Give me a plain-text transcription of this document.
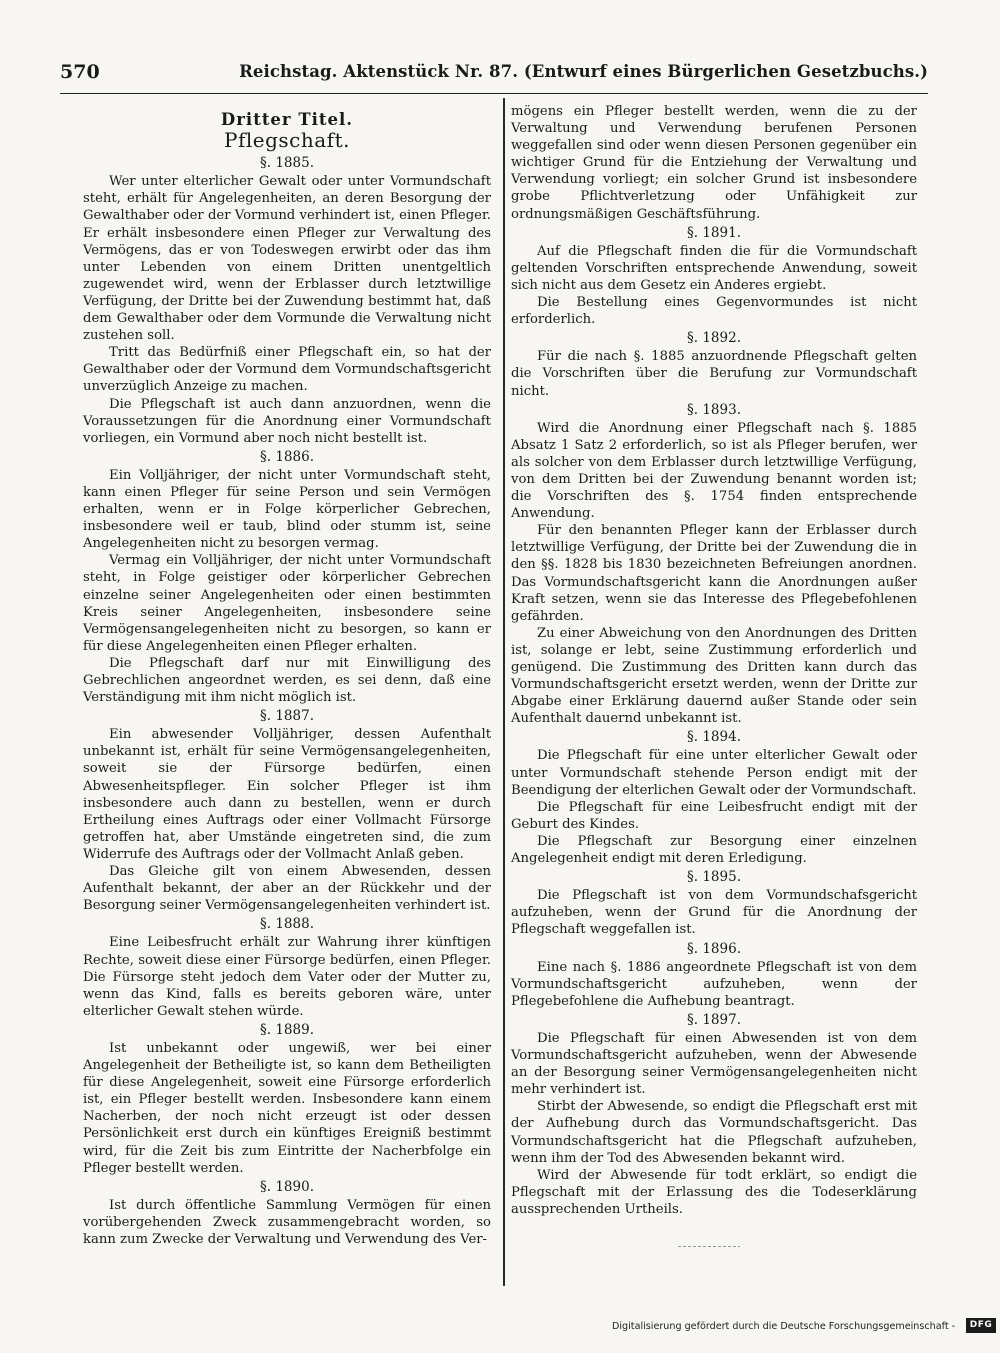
570	Reichstag. Aktenstück Nr. 87. (Entwurf eines Bürgerlichen Gesetzbuchs.)
Dritter Titel.
Pflegschaft.
§. 1885.

Wer unter elterlicher Gewalt oder unter Vormundschaft steht, erhält für Angelegenheiten, an deren Besorgung der Gewalthaber oder der Vormund verhindert ist, einen Pfleger. Er erhält insbesondere einen Pfleger zur Verwaltung des Vermögens, das er von Todeswegen erwirbt oder das ihm unter Lebenden von einem Dritten unentgeltlich zugewendet wird, wenn der Erblasser durch letztwillige Verfügung, der Dritte bei der Zuwendung bestimmt hat, daß dem Gewalthaber oder dem Vormunde die Verwaltung nicht zustehen soll.

Tritt das Bedürfniß einer Pflegschaft ein, so hat der Gewalthaber oder der Vormund dem Vormundschaftsgericht unverzüglich Anzeige zu machen.

Die Pflegschaft ist auch dann anzuordnen, wenn die Voraussetzungen für die Anordnung einer Vormundschaft vorliegen, ein Vormund aber noch nicht bestellt ist.

§. 1886.

Ein Volljähriger, der nicht unter Vormundschaft steht, kann einen Pfleger für seine Person und sein Vermögen erhalten, wenn er in Folge körperlicher Gebrechen, insbesondere weil er taub, blind oder stumm ist, seine Angelegenheiten nicht zu besorgen vermag.

Vermag ein Volljähriger, der nicht unter Vormundschaft steht, in Folge geistiger oder körperlicher Gebrechen einzelne seiner Angelegenheiten oder einen bestimmten Kreis seiner Angelegenheiten, insbesondere seine Vermögensangelegenheiten nicht zu besorgen, so kann er für diese Angelegenheiten einen Pfleger erhalten.

Die Pflegschaft darf nur mit Einwilligung des Gebrechlichen angeordnet werden, es sei denn, daß eine Verständigung mit ihm nicht möglich ist.

§. 1887.

Ein abwesender Volljähriger, dessen Aufenthalt unbekannt ist, erhält für seine Vermögensangelegenheiten, soweit sie der Fürsorge bedürfen, einen Abwesenheitspfleger. Ein solcher Pfleger ist ihm insbesondere auch dann zu bestellen, wenn er durch Ertheilung eines Auftrags oder einer Vollmacht Fürsorge getroffen hat, aber Umstände eingetreten sind, die zum Widerrufe des Auftrags oder der Vollmacht Anlaß geben.

Das Gleiche gilt von einem Abwesenden, dessen Aufenthalt bekannt, der aber an der Rückkehr und der Besorgung seiner Vermögensangelegenheiten verhindert ist.

§. 1888.

Eine Leibesfrucht erhält zur Wahrung ihrer künftigen Rechte, soweit diese einer Fürsorge bedürfen, einen Pfleger. Die Fürsorge steht jedoch dem Vater oder der Mutter zu, wenn das Kind, falls es bereits geboren wäre, unter elterlicher Gewalt stehen würde.

§. 1889.

Ist unbekannt oder ungewiß, wer bei einer Angelegenheit der Betheiligte ist, so kann dem Betheiligten für diese Angelegenheit, soweit eine Fürsorge erforderlich ist, ein Pfleger bestellt werden. Insbesondere kann einem Nacherben, der noch nicht erzeugt ist oder dessen Persönlichkeit erst durch ein künftiges Ereigniß bestimmt wird, für die Zeit bis zum Eintritte der Nacherbfolge ein Pfleger bestellt werden.

§. 1890.

Ist durch öffentliche Sammlung Vermögen für einen vorübergehenden Zweck zusammengebracht worden, so kann zum Zwecke der Verwaltung und Verwendung des Ver-

mögens ein Pfleger bestellt werden, wenn die zu der Verwaltung und Verwendung berufenen Personen weggefallen sind oder wenn diesen Personen gegenüber ein wichtiger Grund für die Entziehung der Verwaltung und Verwendung vorliegt; ein solcher Grund ist insbesondere grobe Pflichtverletzung oder Unfähigkeit zur ordnungsmäßigen Geschäftsführung.

§. 1891.

Auf die Pflegschaft finden die für die Vormundschaft geltenden Vorschriften entsprechende Anwendung, soweit sich nicht aus dem Gesetz ein Anderes ergiebt.

Die Bestellung eines Gegenvormundes ist nicht erforderlich.

§. 1892.

Für die nach §. 1885 anzuordnende Pflegschaft gelten die Vorschriften über die Berufung zur Vormundschaft nicht.

§. 1893.

Wird die Anordnung einer Pflegschaft nach §. 1885 Absatz 1 Satz 2 erforderlich, so ist als Pfleger berufen, wer als solcher von dem Erblasser durch letztwillige Verfügung, von dem Dritten bei der Zuwendung benannt worden ist; die Vorschriften des §. 1754 finden entsprechende Anwendung.

Für den benannten Pfleger kann der Erblasser durch letztwillige Verfügung, der Dritte bei der Zuwendung die in den §§. 1828 bis 1830 bezeichneten Befreiungen anordnen. Das Vormundschaftsgericht kann die Anordnungen außer Kraft setzen, wenn sie das Interesse des Pflegebefohlenen gefährden.

Zu einer Abweichung von den Anordnungen des Dritten ist, solange er lebt, seine Zustimmung erforderlich und genügend. Die Zustimmung des Dritten kann durch das Vormundschaftsgericht ersetzt werden, wenn der Dritte zur Abgabe einer Erklärung dauernd außer Stande oder sein Aufenthalt dauernd unbekannt ist.

§. 1894.

Die Pflegschaft für eine unter elterlicher Gewalt oder unter Vormundschaft stehende Person endigt mit der Beendigung der elterlichen Gewalt oder der Vormundschaft.

Die Pflegschaft für eine Leibesfrucht endigt mit der Geburt des Kindes.

Die Pflegschaft zur Besorgung einer einzelnen Angelegenheit endigt mit deren Erledigung.

§. 1895.

Die Pflegschaft ist von dem Vormundschafsgericht aufzuheben, wenn der Grund für die Anordnung der Pflegschaft weggefallen ist.

§. 1896.

Eine nach §. 1886 angeordnete Pflegschaft ist von dem Vormundschaftsgericht aufzuheben, wenn der Pflegebefohlene die Aufhebung beantragt.

§. 1897.

Die Pflegschaft für einen Abwesenden ist von dem Vormundschaftsgericht aufzuheben, wenn der Abwesende an der Besorgung seiner Vermögensangelegenheiten nicht mehr verhindert ist.

Stirbt der Abwesende, so endigt die Pflegschaft erst mit der Aufhebung durch das Vormundschaftsgericht. Das Vormundschaftsgericht hat die Pflegschaft aufzuheben, wenn ihm der Tod des Abwesenden bekannt wird.

Wird der Abwesende für todt erklärt, so endigt die Pflegschaft mit der Erlassung des die Todeserklärung aussprechenden Urtheils.

Digitalisierung gefördert durch die Deutsche Forschungsgemeinschaft -	DFG
